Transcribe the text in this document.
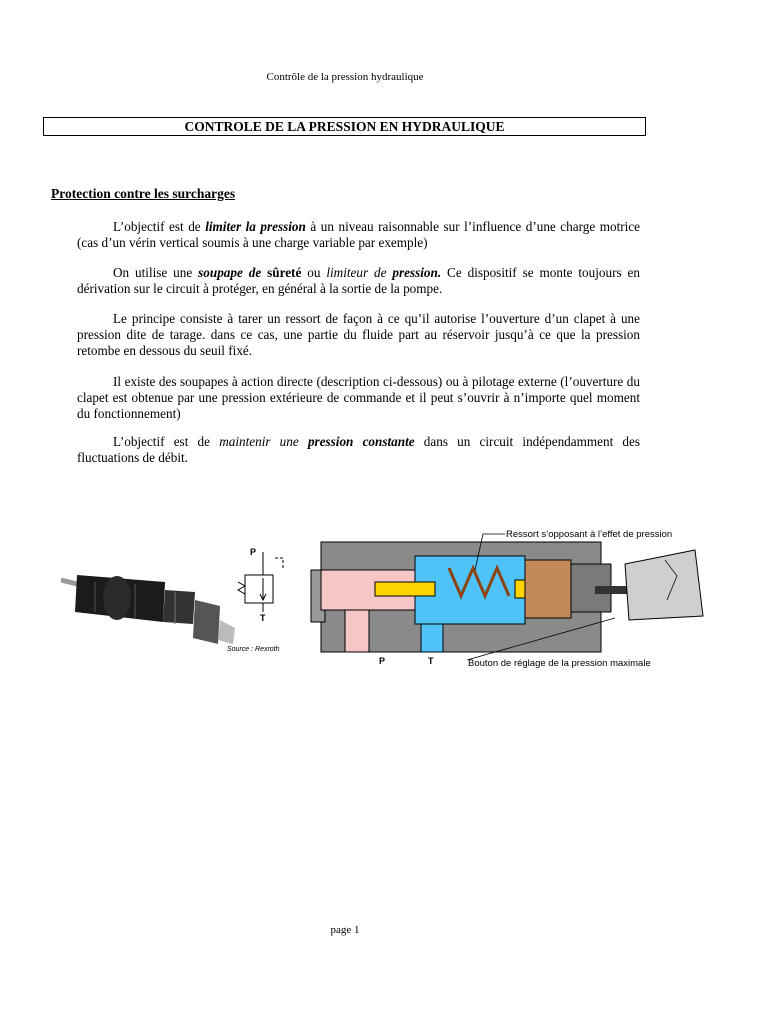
Contrôle de la pression hydraulique
CONTROLE DE LA PRESSION EN HYDRAULIQUE
Protection contre les surcharges
L’objectif est de limiter la pression à un niveau raisonnable sur l’influence d’une charge motrice (cas d’un vérin vertical soumis à une charge variable par exemple)
On utilise une soupape de sûreté ou limiteur de pression. Ce dispositif se monte toujours en dérivation sur le circuit à protéger, en général à la sortie de la pompe.
Le principe consiste à tarer un ressort de façon à ce qu’il autorise l’ouverture d’un clapet à une pression dite de tarage. dans ce cas, une partie du fluide part au réservoir jusqu’à ce que la pression retombe en dessous du seuil fixé.
Il existe des soupapes à action directe (description ci-dessous) ou à pilotage externe (l’ouverture du clapet est obtenue par une pression extérieure de commande et il peut s’ouvrir à n’importe quel moment du fonctionnement)
L’objectif est de maintenir une pression constante dans un circuit indépendamment des fluctuations de débit.
Source : Rexroth
P
T
P	T
Ressort s’opposant à l’effet de pression
Bouton de réglage de la pression maximale
page 1
